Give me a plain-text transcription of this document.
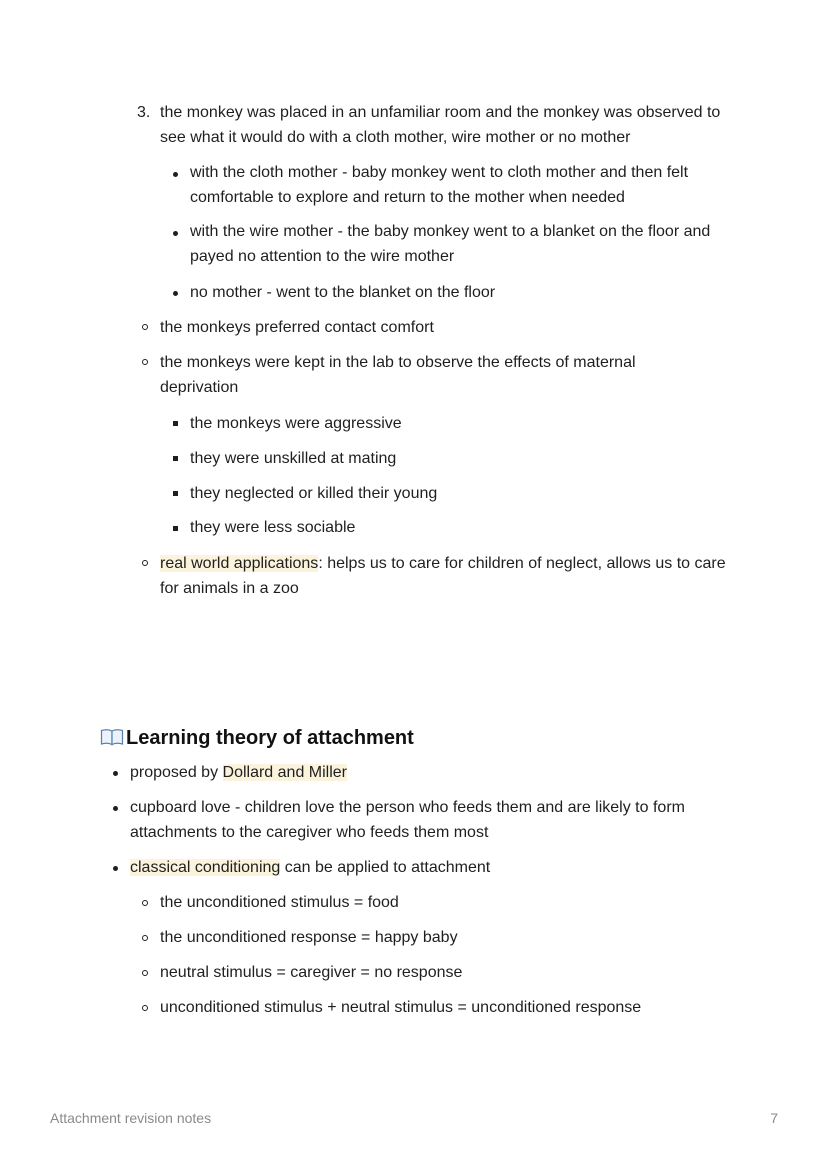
3. the monkey was placed in an unfamiliar room and the monkey was observed to see what it would do with a cloth mother, wire mother or no mother
with the cloth mother - baby monkey went to cloth mother and then felt comfortable to explore and return to the mother when needed
with the wire mother - the baby monkey went to a blanket on the floor and payed no attention to the wire mother
no mother - went to the blanket on the floor
the monkeys preferred contact comfort
the monkeys were kept in the lab to observe the effects of maternal deprivation
the monkeys were aggressive
they were unskilled at mating
they neglected or killed their young
they were less sociable
real world applications: helps us to care for children of neglect, allows us to care for animals in a zoo
Learning theory of attachment
proposed by Dollard and Miller
cupboard love - children love the person who feeds them and are likely to form attachments to the caregiver who feeds them most
classical conditioning can be applied to attachment
the unconditioned stimulus = food
the unconditioned response = happy baby
neutral stimulus = caregiver = no response
unconditioned stimulus + neutral stimulus = unconditioned response
Attachment revision notes	7
